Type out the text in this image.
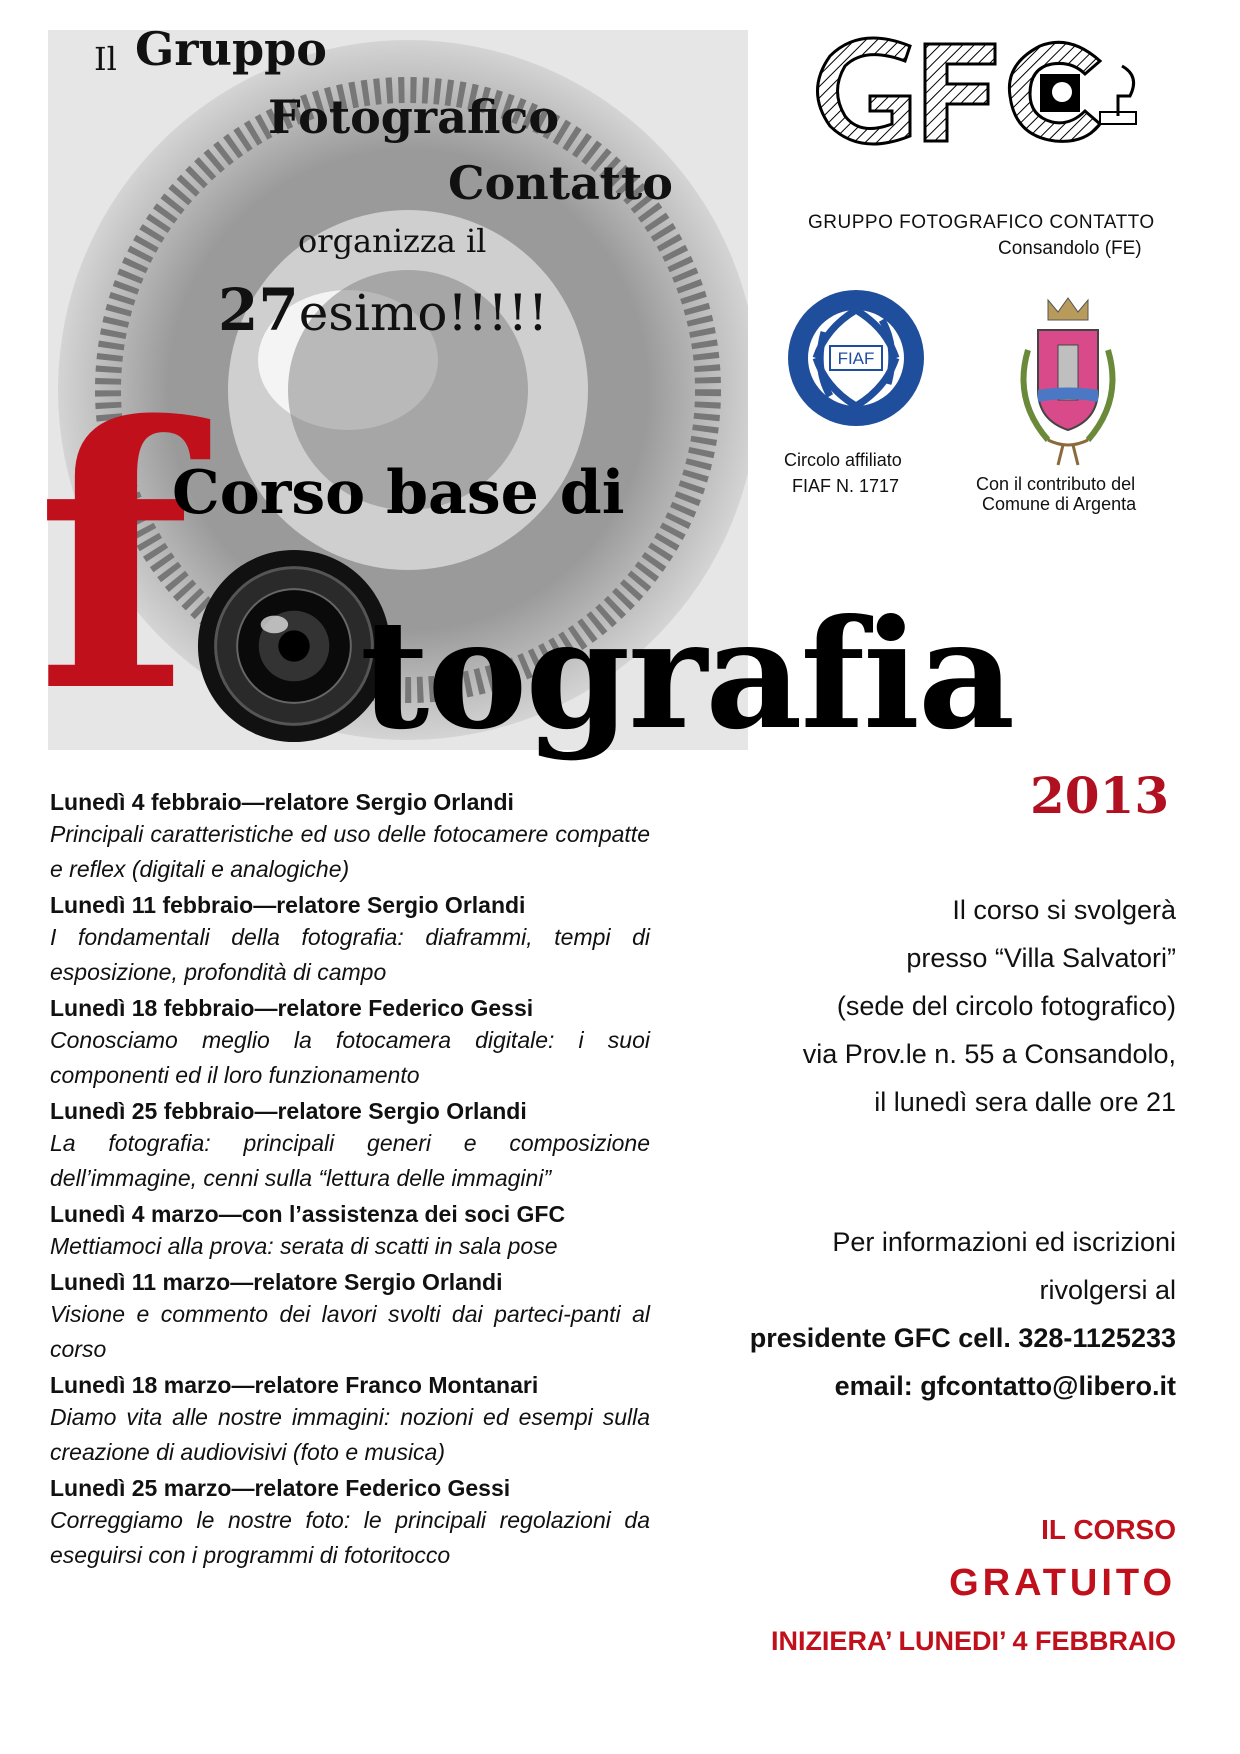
Il Gruppo
Fotografico
Contatto
organizza il
27esimo!!!!!
f
Corso base di
tografia
2013
GRUPPO FOTOGRAFICO CONTATTO
Consandolo (FE)
FIAF
Circolo affiliato
FIAF N. 1717	Con il contributo del
Comune di Argenta
Lunedì 4 febbraio—relatore Sergio Orlandi
Principali caratteristiche ed uso delle fotocamere compatte e reflex (digitali e analogiche)
Lunedì 11 febbraio—relatore Sergio Orlandi
I fondamentali della fotografia: diaframmi, tempi di esposizione, profondità di campo
Lunedì 18 febbraio—relatore Federico Gessi
Conosciamo meglio la fotocamera digitale: i suoi componenti ed il loro funzionamento
Lunedì 25 febbraio—relatore Sergio Orlandi
La fotografia: principali generi e composizione dell’immagine, cenni sulla “lettura delle immagini”
Lunedì 4 marzo—con l’assistenza dei soci GFC
Mettiamoci alla prova: serata di scatti in sala pose
Lunedì 11 marzo—relatore Sergio Orlandi
Visione e commento dei lavori svolti dai parteci-panti al corso
Lunedì 18 marzo—relatore Franco Montanari
Diamo vita alle nostre immagini: nozioni ed esempi sulla creazione di audiovisivi (foto e musica)
Lunedì 25 marzo—relatore Federico Gessi
Correggiamo le nostre foto: le principali regolazioni da eseguirsi con i programmi di fotoritocco
Il corso si svolgerà
presso “Villa Salvatori”
(sede del circolo fotografico)
via Prov.le n. 55 a Consandolo,
il lunedì sera dalle ore 21
Per informazioni ed iscrizioni
rivolgersi al
presidente GFC cell. 328-1125233
email: gfcontatto@libero.it
IL CORSO
GRATUITO
INIZIERA’ LUNEDI’ 4 FEBBRAIO
